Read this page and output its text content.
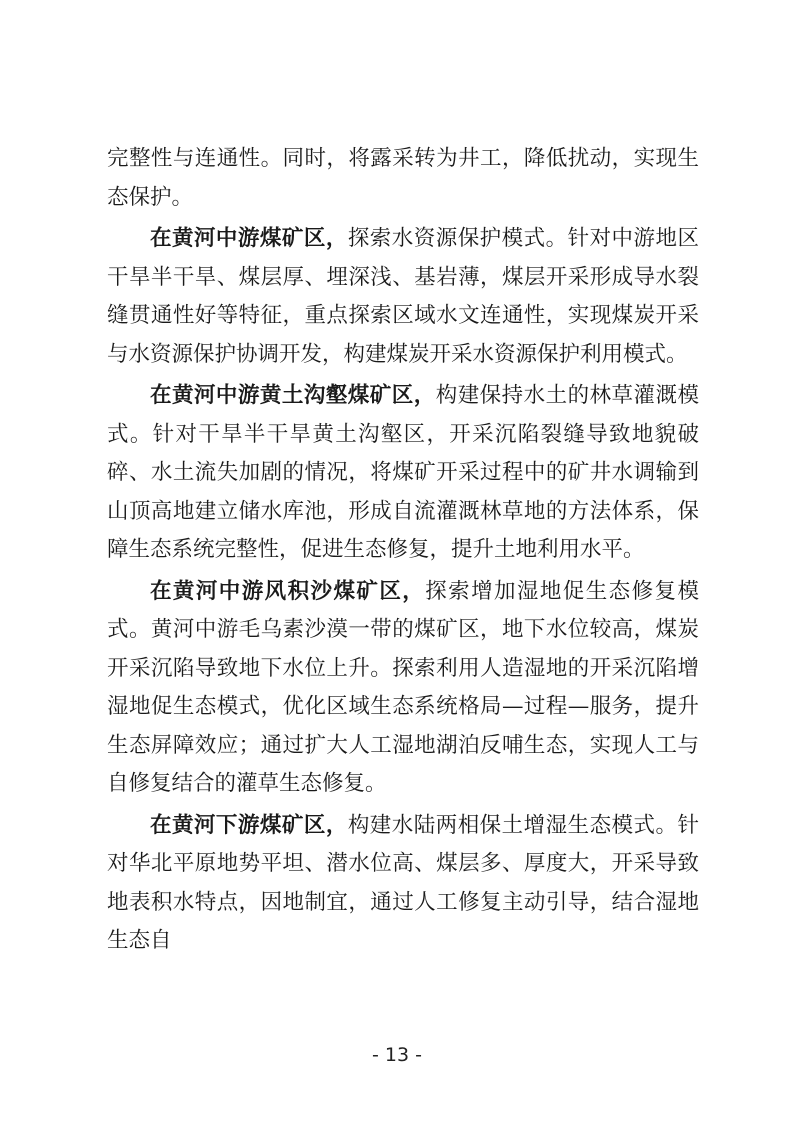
完整性与连通性。同时，将露采转为井工，降低扰动，实现生态保护。

在黄河中游煤矿区，探索水资源保护模式。针对中游地区干旱半干旱、煤层厚、埋深浅、基岩薄，煤层开采形成导水裂缝贯通性好等特征，重点探索区域水文连通性，实现煤炭开采与水资源保护协调开发，构建煤炭开采水资源保护利用模式。

在黄河中游黄土沟壑煤矿区，构建保持水土的林草灌溉模式。针对干旱半干旱黄土沟壑区，开采沉陷裂缝导致地貌破碎、水土流失加剧的情况，将煤矿开采过程中的矿井水调输到山顶高地建立储水库池，形成自流灌溉林草地的方法体系，保障生态系统完整性，促进生态修复，提升土地利用水平。

在黄河中游风积沙煤矿区，探索增加湿地促生态修复模式。黄河中游毛乌素沙漠一带的煤矿区，地下水位较高，煤炭开采沉陷导致地下水位上升。探索利用人造湿地的开采沉陷增湿地促生态模式，优化区域生态系统格局—过程—服务，提升生态屏障效应；通过扩大人工湿地湖泊反哺生态，实现人工与自修复结合的灌草生态修复。

在黄河下游煤矿区，构建水陆两相保土增湿生态模式。针对华北平原地势平坦、潜水位高、煤层多、厚度大，开采导致地表积水特点，因地制宜，通过人工修复主动引导，结合湿地生态自

- 13 -
